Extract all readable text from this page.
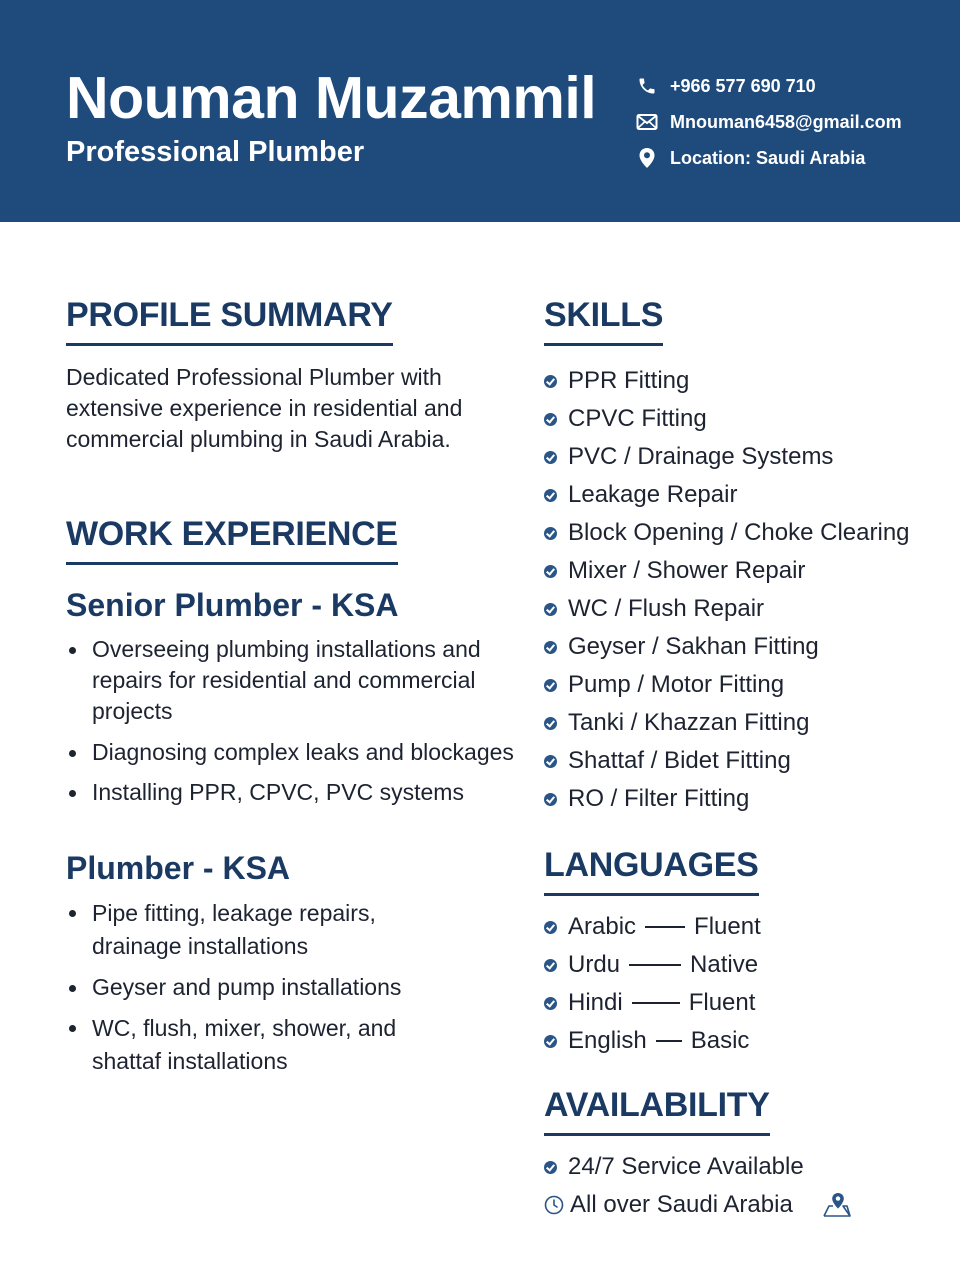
Nouman Muzammil
Professional Plumber
+966 577 690 710
Mnouman6458@gmail.com
Location: Saudi Arabia
PROFILE SUMMARY

Dedicated Professional Plumber with extensive experience in residential and commercial plumbing in Saudi Arabia.

WORK EXPERIENCE
Senior Plumber - KSA
Overseeing plumbing installations and repairs for residential and commercial projects
Diagnosing complex leaks and blockages
Installing PPR, CPVC, PVC systems
Plumber - KSA
Pipe fitting, leakage repairs, drainage installations
Geyser and pump installations
WC, flush, mixer, shower, and shattaf installations
SKILLS
PPR Fitting
CPVC Fitting
PVC / Drainage Systems
Leakage Repair
Block Opening / Choke Clearing
Mixer / Shower Repair
WC / Flush Repair
Geyser / Sakhan Fitting
Pump / Motor Fitting
Tanki / Khazzan Fitting
Shattaf / Bidet Fitting
RO / Filter Fitting
LANGUAGES
Arabic Fluent
Urdu	Native
Hindi	Fluent
English Basic
AVAILABILITY
24/7 Service Available
All over Saudi Arabia
